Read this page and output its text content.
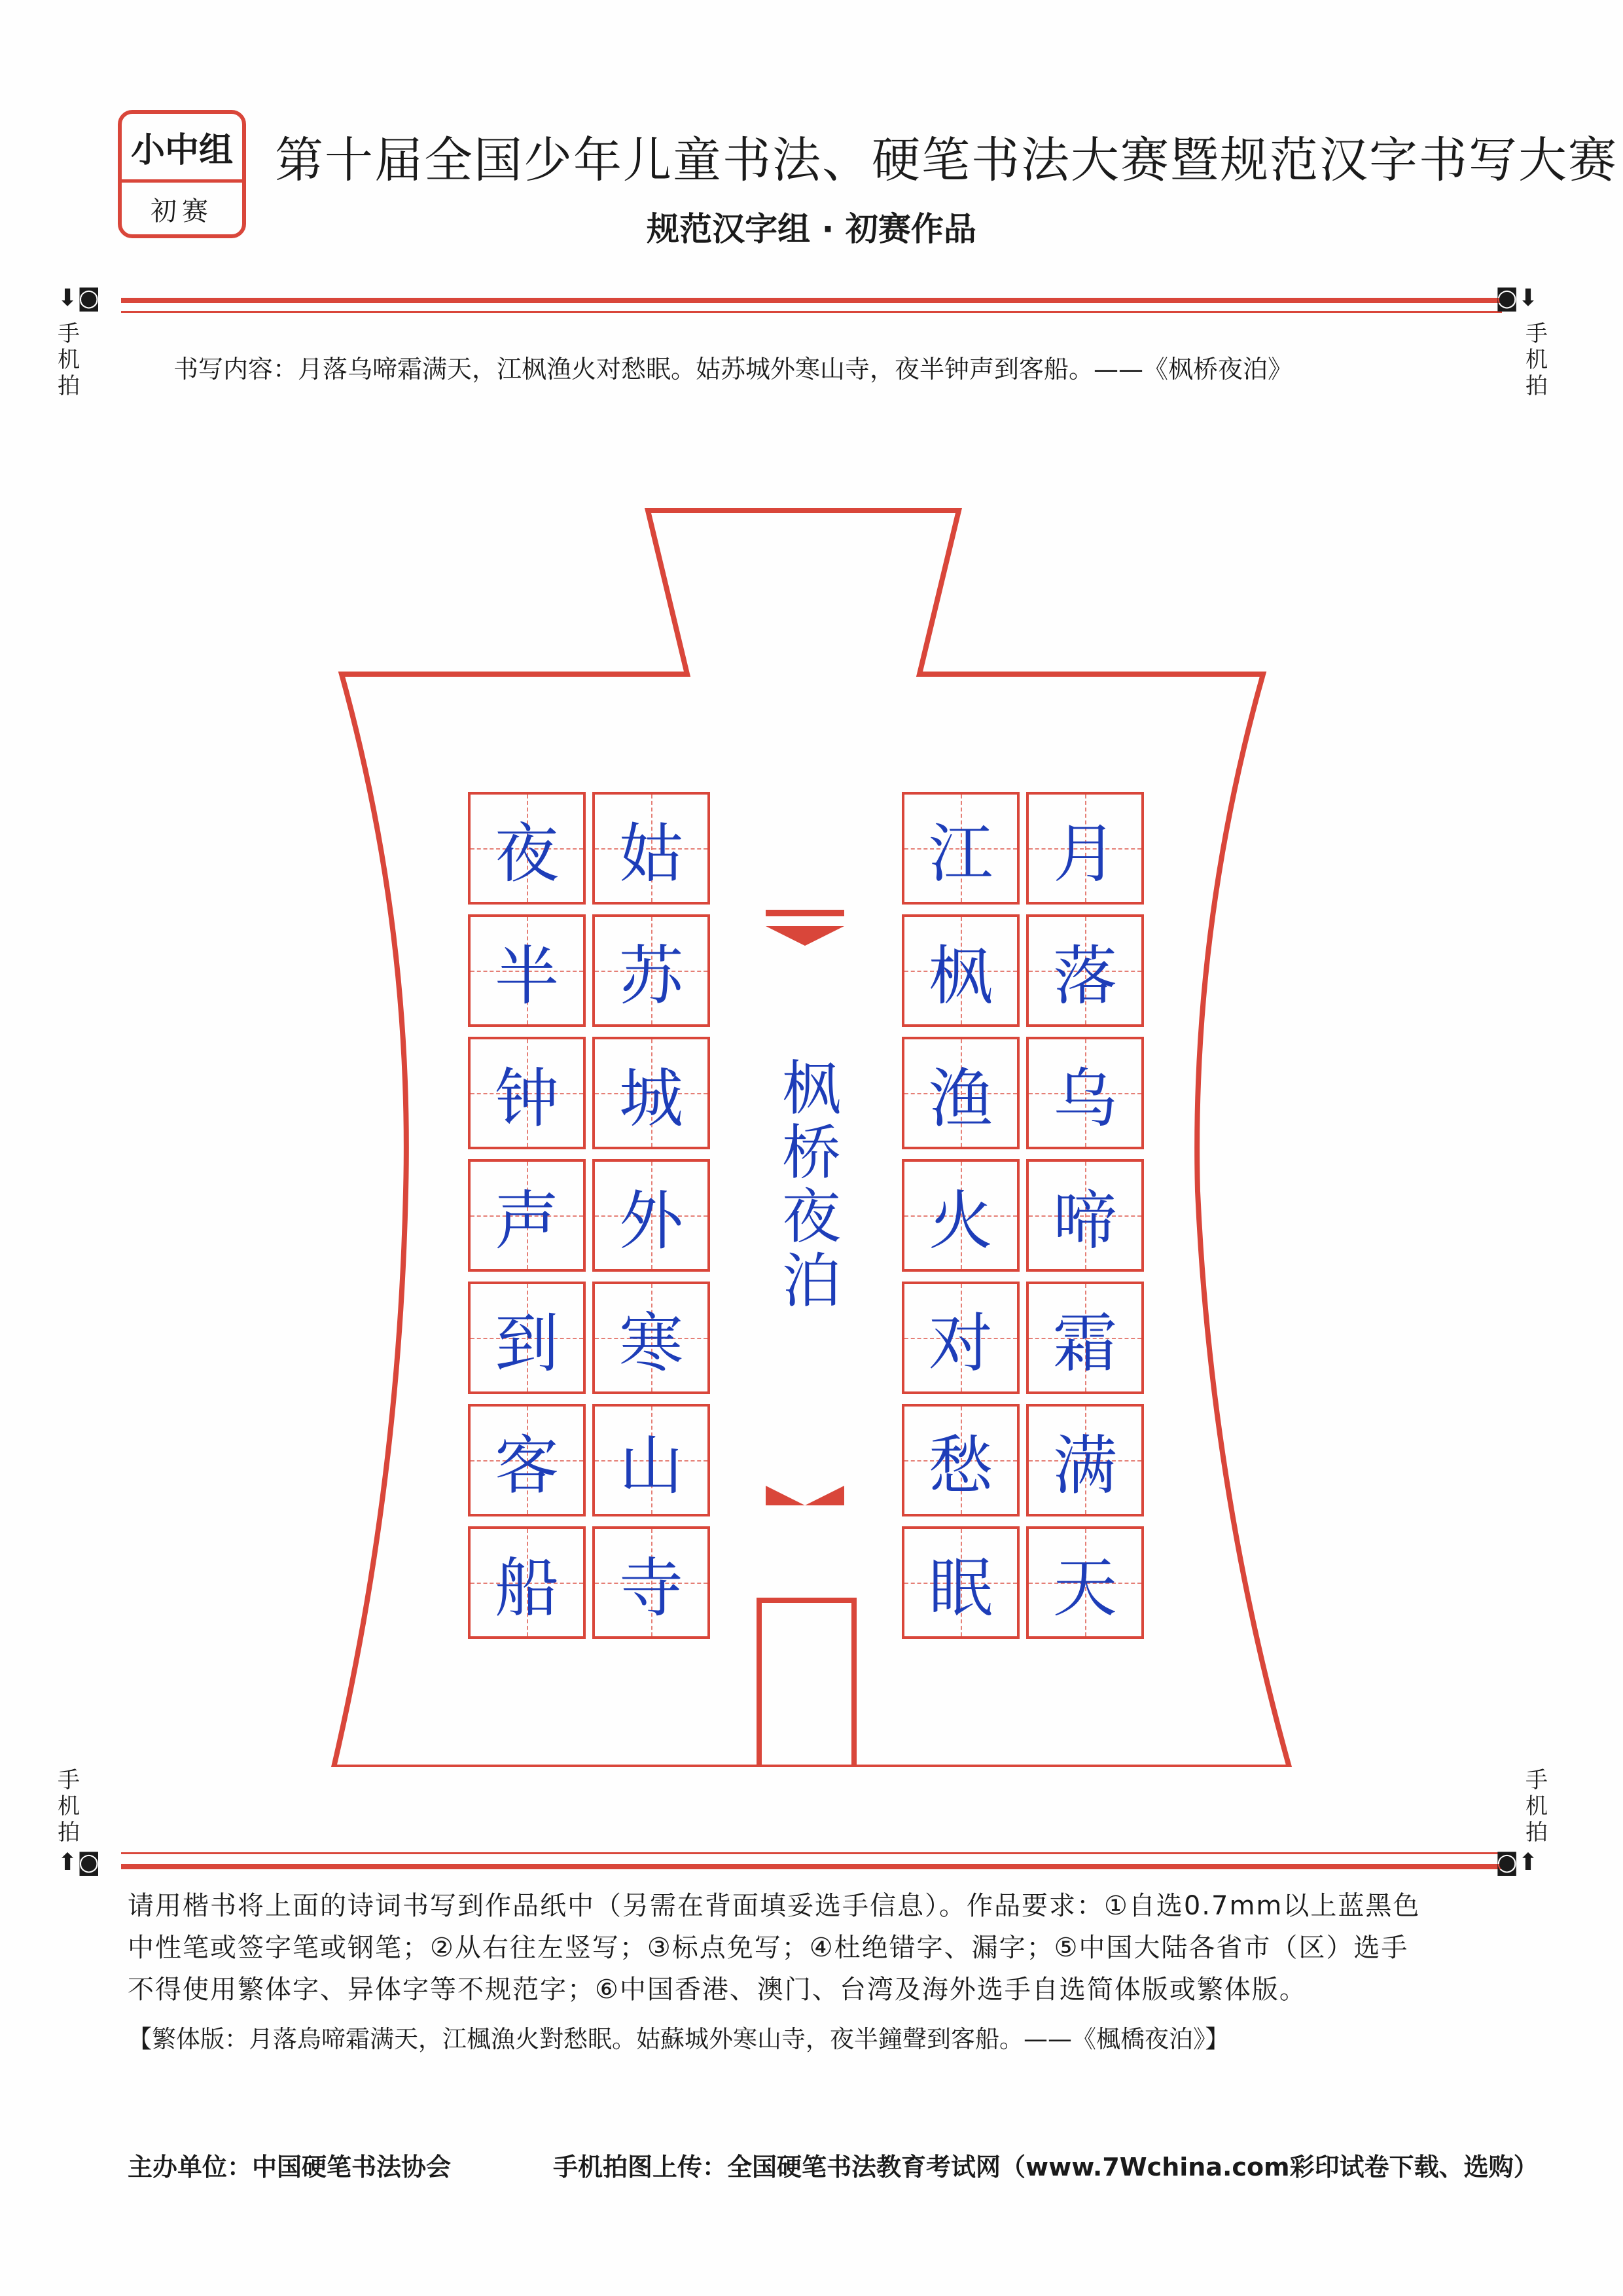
小中组
初赛
第十届全国少年儿童书法、硬笔书法大赛暨规范汉字书写大赛
规范汉字组 · 初赛作品
⬇◙	◙⬇
手机拍
手机拍
书写内容：月落乌啼霜满天，江枫渔火对愁眠。姑苏城外寒山寺，夜半钟声到客船。——《枫桥夜泊》
月
落
乌
啼
霜
满
天
江
枫
渔
火
对
愁
眠
姑
苏
城
外
寒
山
寺
夜
半
钟
声
到
客
船
枫桥夜泊
手机拍
手机拍
⬆◙	◙⬆
请用楷书将上面的诗词书写到作品纸中（另需在背面填妥选手信息）。作品要求：①自选0.7mm以上蓝黑色
中性笔或签字笔或钢笔；②从右往左竖写；③标点免写；④杜绝错字、漏字；⑤中国大陆各省市（区）选手
不得使用繁体字、异体字等不规范字；⑥中国香港、澳门、台湾及海外选手自选简体版或繁体版。
【繁体版：月落烏啼霜满天，江楓漁火對愁眠。姑蘇城外寒山寺，夜半鐘聲到客船。——《楓橋夜泊》】
主办单位：中国硬笔书法协会	手机拍图上传：全国硬笔书法教育考试网（www.7Wchina.com彩印试卷下载、选购）
